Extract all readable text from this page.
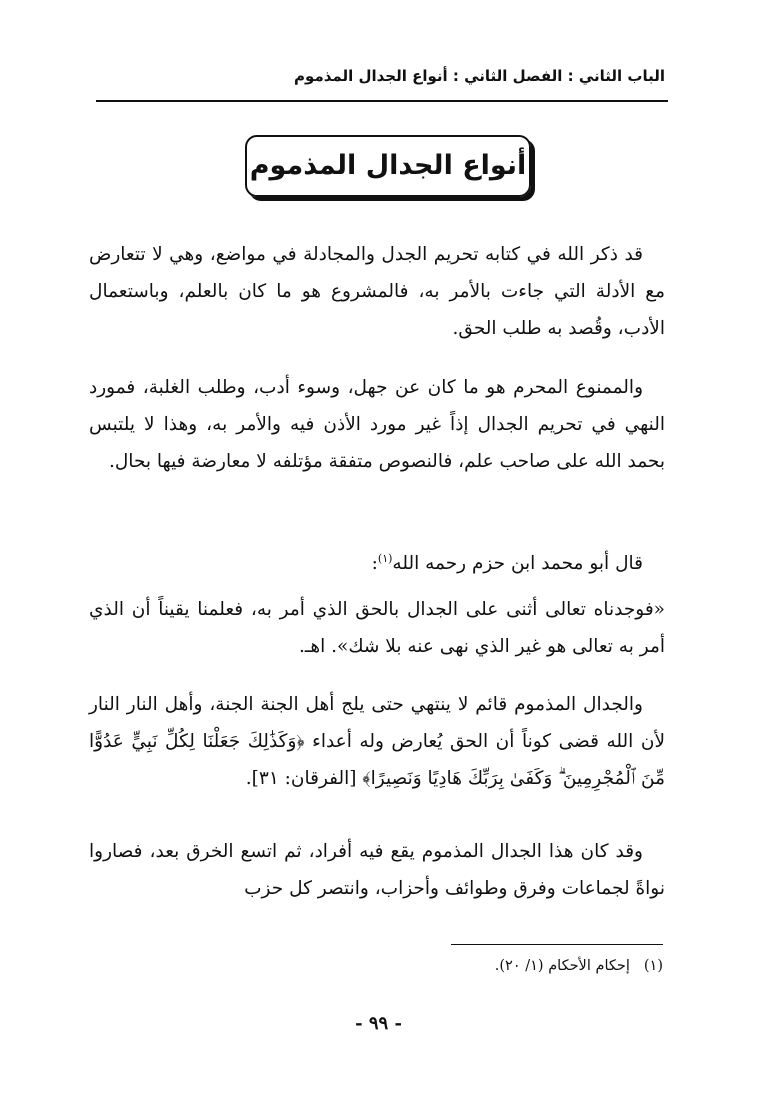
الباب الثاني : الفصل الثاني : أنواع الجدال المذموم
أنواع الجدال المذموم

قد ذكر الله في كتابه تحريم الجدل والمجادلة في مواضع، وهي لا تتعارض مع الأدلة التي جاءت بالأمر به، فالمشروع هو ما كان بالعلم، وباستعمال الأدب، وقُصد به طلب الحق.

والممنوع المحرم هو ما كان عن جهل، وسوء أدب، وطلب الغلبة، فمورد النهي في تحريم الجدال إذاً غير مورد الأذن فيه والأمر به، وهذا لا يلتبس بحمد الله على صاحب علم، فالنصوص متفقة مؤتلفه لا معارضة فيها بحال.

قال أبو محمد ابن حزم رحمه الله$^{(١)}$:

«فوجدناه تعالى أثنى على الجدال بالحق الذي أمر به، فعلمنا يقيناً أن الذي أمر به تعالى هو غير الذي نهى عنه بلا شك». اهـ.

والجدال المذموم قائم لا ينتهي حتى يلج أهل الجنة الجنة، وأهل النار النار لأن الله قضى كوناً أن الحق يُعارض وله أعداء ﴿وَكَذَٰلِكَ جَعَلْنَا لِكُلِّ نَبِيٍّ عَدُوًّا مِّنَ ٱلْمُجْرِمِينَ ۗ وَكَفَىٰ بِرَبِّكَ هَادِيًا وَنَصِيرًا﴾ [الفرقان: ٣١].

وقد كان هذا الجدال المذموم يقع فيه أفراد، ثم اتسع الخرق بعد، فصاروا نواةً لجماعات وفرق وطوائف وأحزاب، وانتصر كل حزب

(١)إحكام الأحكام (١/ ٢٠).
- ٩٩ -
